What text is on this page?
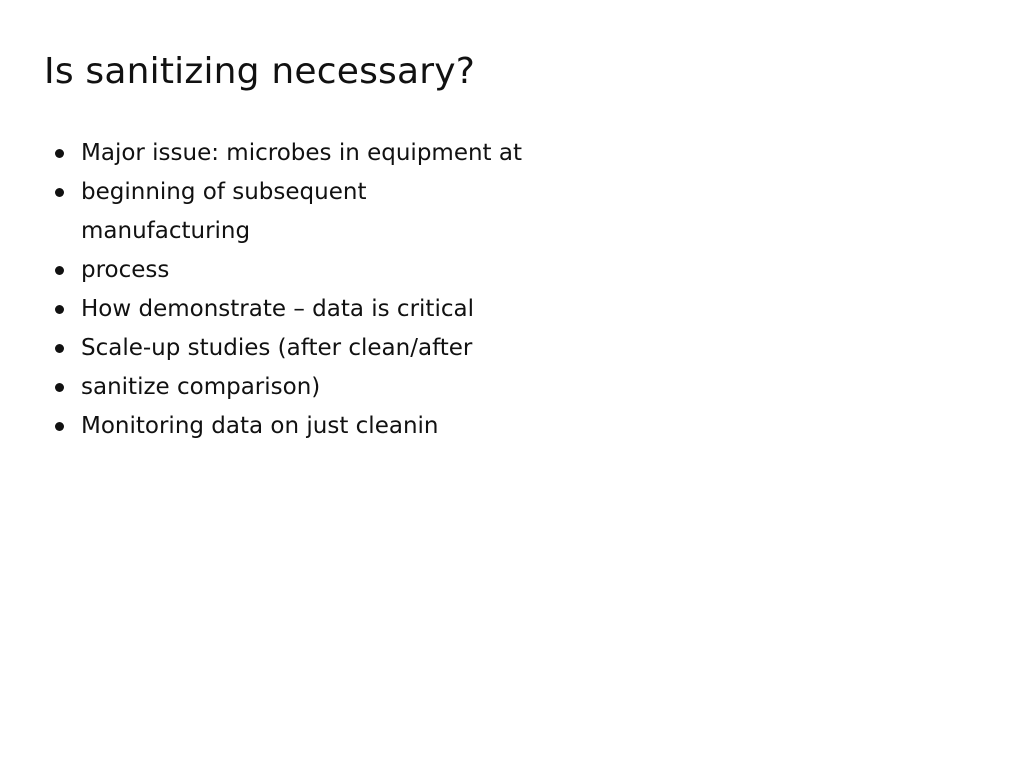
Is sanitizing necessary?
Major issue: microbes in equipment at
beginning of subsequent manufacturing
process
How demonstrate – data is critical
Scale-up studies (after clean/after
sanitize comparison)
Monitoring data on just cleanin
